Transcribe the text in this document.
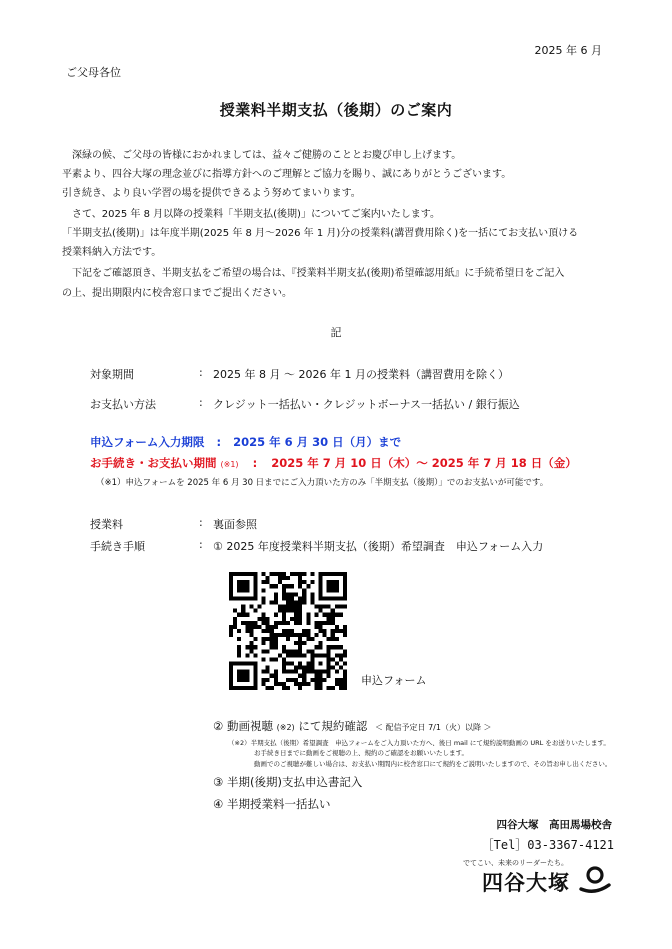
2025 年 6 月
ご父母各位
授業料半期支払（後期）のご案内
　深緑の候、ご父母の皆様におかれましては、益々ご健勝のこととお慶び申し上げます。
平素より、四谷大塚の理念並びに指導方針へのご理解とご協力を賜り、誠にありがとうございます。
引き続き、より良い学習の場を提供できるよう努めてまいります。
　さて、2025 年 8 月以降の授業料「半期支払(後期)」についてご案内いたします。
「半期支払(後期)」は年度半期(2025 年 8 月～2026 年 1 月)分の授業料(講習費用除く)を一括にてお支払い頂ける
授業料納入方法です。
　下記をご確認頂き、半期支払をご希望の場合は、『授業料半期支払(後期)希望確認用紙』に手続希望日をご記入
の上、提出期限内に校舎窓口までご提出ください。
記
対象期間	: 2025 年 8 月 ～ 2026 年 1 月の授業料（講習費用を除く）
お支払い方法	: クレジット一括払い・クレジットボーナス一括払い / 銀行振込
申込フォーム入力期限 : 2025 年 6 月 30 日（月）まで
お手続き・お支払い期間 (※1) : 2025 年 7 月 10 日（木）～ 2025 年 7 月 18 日（金）
（※1）申込フォームを 2025 年 6 月 30 日までにご入力頂いた方のみ「半期支払（後期）」でのお支払いが可能です。
授業料	: 裏面参照
手続き手順	: ① 2025 年度授業料半期支払（後期）希望調査　申込フォーム入力
申込フォーム
② 動画視聴 (※2) にて規約確認 ＜ 配信予定日 7/1（火）以降 ＞
（※2）半期支払（後期）希望調査　申込フォームをご入力頂いた方へ、後日 mail にて規約説明動画の URL をお送りいたします。
お手続き日までに動画をご視聴の上、規約のご確認をお願いいたします。
動画でのご視聴が難しい場合は、お支払い期間内に校舎窓口にて規約をご説明いたしますので、その旨お申し出ください。
③ 半期(後期)支払申込書記入
④ 半期授業料一括払い
四谷大塚　高田馬場校舎
［Tel］03-3367-4121
でてこい、未来のリーダーたち。
四谷大塚
